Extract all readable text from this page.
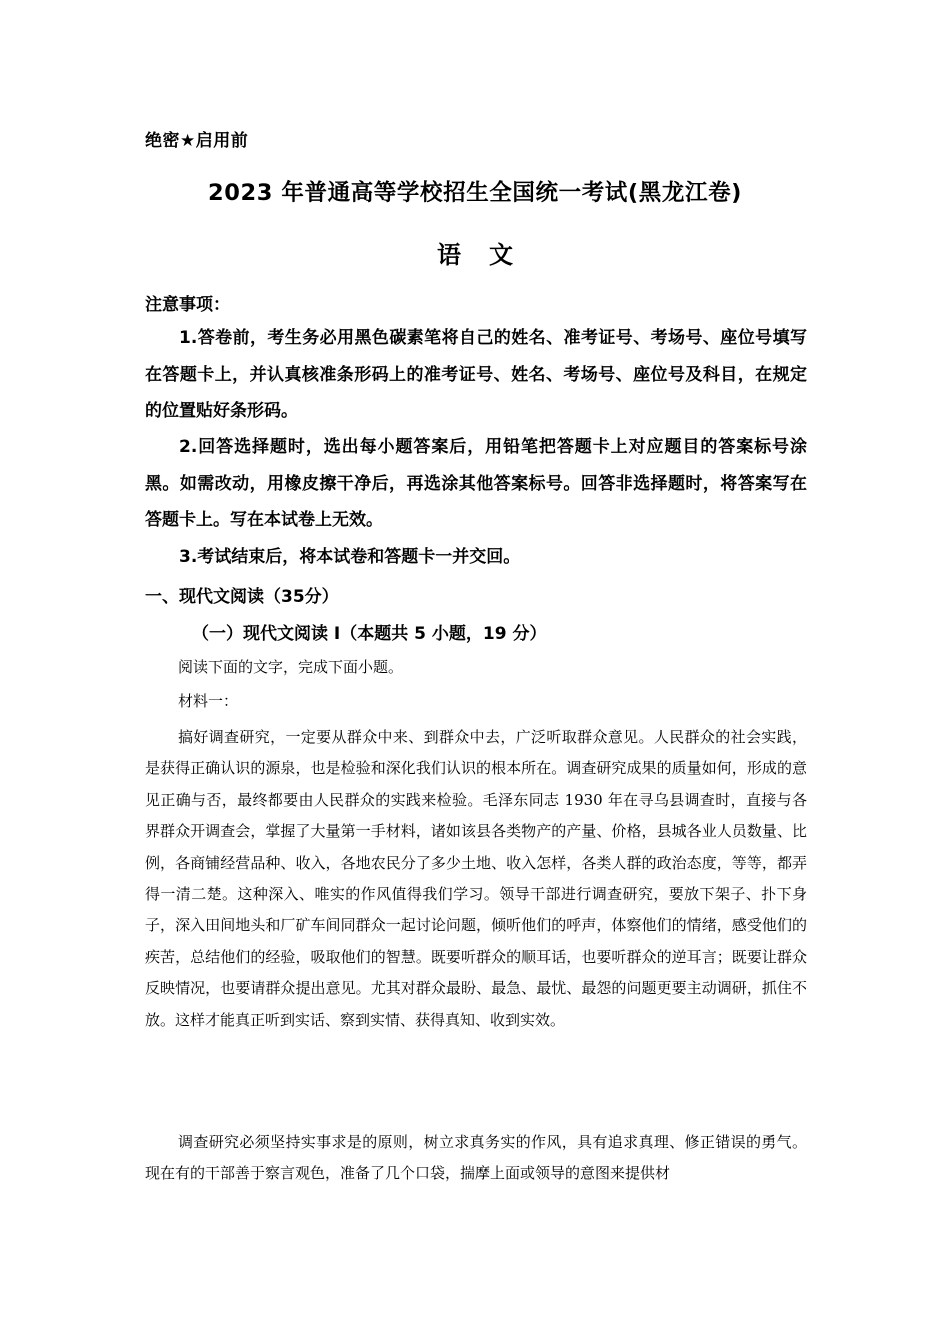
绝密★启用前
2023 年普通高等学校招生全国统一考试(黑龙江卷)
语 文
注意事项：

1.答卷前，考生务必用黑色碳素笔将自己的姓名、准考证号、考场号、座位号填写在答题卡上，并认真核准条形码上的准考证号、姓名、考场号、座位号及科目，在规定的位置贴好条形码。

2.回答选择题时，选出每小题答案后，用铅笔把答题卡上对应题目的答案标号涂黑。如需改动，用橡皮擦干净后，再选涂其他答案标号。回答非选择题时，将答案写在答题卡上。写在本试卷上无效。

3.考试结束后，将本试卷和答题卡一并交回。

一、现代文阅读（35分）
（一）现代文阅读 I（本题共 5 小题，19 分）
阅读下面的文字，完成下面小题。
材料一：

搞好调查研究，一定要从群众中来、到群众中去，广泛听取群众意见。人民群众的社会实践，是获得正确认识的源泉，也是检验和深化我们认识的根本所在。调查研究成果的质量如何，形成的意见正确与否，最终都要由人民群众的实践来检验。毛泽东同志 1930 年在寻乌县调查时，直接与各界群众开调查会，掌握了大量第一手材料，诸如该县各类物产的产量、价格，县城各业人员数量、比例，各商铺经营品种、收入，各地农民分了多少土地、收入怎样，各类人群的政治态度，等等，都弄得一清二楚。这种深入、唯实的作风值得我们学习。领导干部进行调查研究，要放下架子、扑下身子，深入田间地头和厂矿车间同群众一起讨论问题，倾听他们的呼声，体察他们的情绪，感受他们的疾苦，总结他们的经验，吸取他们的智慧。既要听群众的顺耳话，也要听群众的逆耳言；既要让群众反映情况，也要请群众提出意见。尤其对群众最盼、最急、最忧、最怨的问题更要主动调研，抓住不放。这样才能真正听到实话、察到实情、获得真知、收到实效。

调查研究必须坚持实事求是的原则，树立求真务实的作风，具有追求真理、修正错误的勇气。现在有的干部善于察言观色，准备了几个口袋，揣摩上面或领导的意图来提供材
